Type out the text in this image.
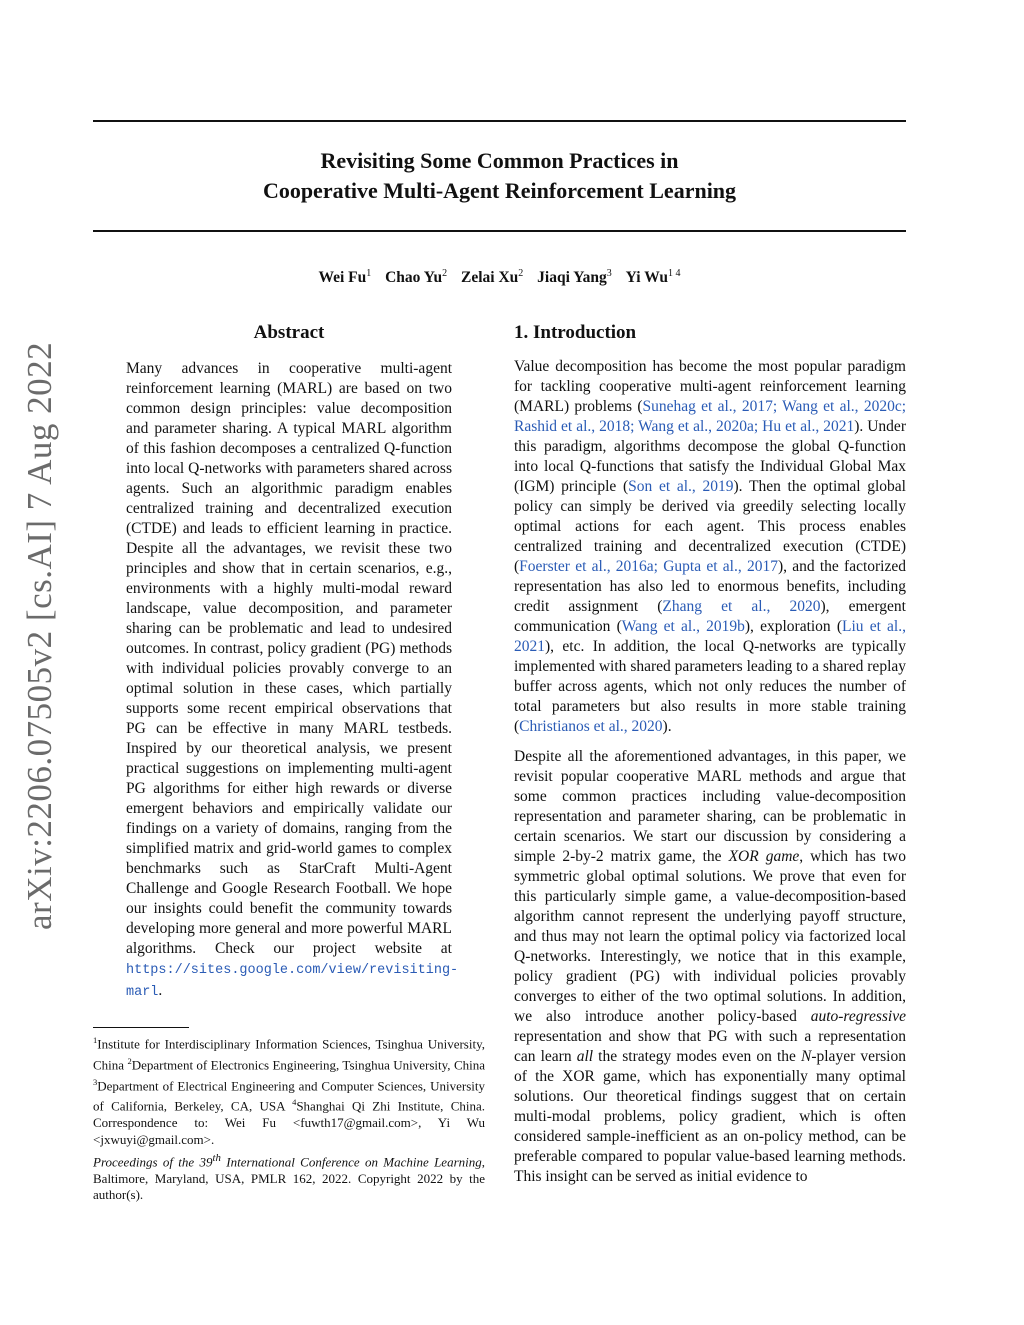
arXiv:2206.07505v2 [cs.AI] 7 Aug 2022
Revisiting Some Common Practices in
Cooperative Multi-Agent Reinforcement Learning
Wei Fu$^1$ Chao Yu$^2$ Zelai Xu$^2$ Jiaqi Yang$^3$ Yi $Wu^{1 4}$
Abstract
Many advances in cooperative multi-agent reinforcement learning (MARL) are based on two common design principles: value decomposition and parameter sharing. A typical MARL algorithm of this fashion decomposes a centralized Q-function into local Q-networks with parameters shared across agents. Such an algorithmic paradigm enables centralized training and decentralized execution (CTDE) and leads to efficient learning in practice. Despite all the advantages, we revisit these two principles and show that in certain scenarios, e.g., environments with a highly multi-modal reward landscape, value decomposition, and parameter sharing can be problematic and lead to undesired outcomes. In contrast, policy gradient (PG) methods with individual policies provably converge to an optimal solution in these cases, which partially supports some recent empirical observations that PG can be effective in many MARL testbeds. Inspired by our theoretical analysis, we present practical suggestions on implementing multi-agent PG algorithms for either high rewards or diverse emergent behaviors and empirically validate our findings on a variety of domains, ranging from the simplified matrix and grid-world games to complex benchmarks such as StarCraft Multi-Agent Challenge and Google Research Football. We hope our insights could benefit the community towards developing more general and more powerful MARL algorithms. Check our project website at https://sites.google.com/view/revisiting-marl.
$^1$Institute for Interdisciplinary Information Sciences, Tsinghua University, China $^2$Department of Electronics Engineering, Tsinghua University, China $^3$Department of Electrical Engineering and Computer Sciences, University of California, Berkeley, CA, USA $^4$Shanghai Qi Zhi Institute, China. Correspondence to: Wei Fu <fuwth17@gmail.com>, Yi Wu <jxwuyi@gmail.com>.
Proceedings of the 39th International Conference on Machine Learning, Baltimore, Maryland, USA, PMLR 162, 2022. Copyright 2022 by the author(s).
1. Introduction

Value decomposition has become the most popular paradigm for tackling cooperative multi-agent reinforcement learning (MARL) problems (Sunehag et al., 2017; Wang et al., 2020c; Rashid et al., 2018; Wang et al., 2020a; Hu et al., 2021). Under this paradigm, algorithms decompose the global Q-function into local Q-functions that satisfy the Individual Global Max (IGM) principle (Son et al., 2019). Then the optimal global policy can simply be derived via greedily selecting locally optimal actions for each agent. This process enables centralized training and decentralized execution (CTDE) (Foerster et al., 2016a; Gupta et al., 2017), and the factorized representation has also led to enormous benefits, including credit assignment (Zhang et al., 2020), emergent communication (Wang et al., 2019b), exploration (Liu et al., 2021), etc. In addition, the local Q-networks are typically implemented with shared parameters leading to a shared replay buffer across agents, which not only reduces the number of total parameters but also results in more stable training (Christianos et al., 2020).

Despite all the aforementioned advantages, in this paper, we revisit popular cooperative MARL methods and argue that some common practices including value-decomposition representation and parameter sharing, can be problematic in certain scenarios. We start our discussion by considering a simple 2-by-2 matrix game, the XOR game, which has two symmetric global optimal solutions. We prove that even for this particularly simple game, a value-decomposition-based algorithm cannot represent the underlying payoff structure, and thus may not learn the optimal policy via factorized local Q-networks. Interestingly, we notice that in this example, policy gradient (PG) with individual policies provably converges to either of the two optimal solutions. In addition, we also introduce another policy-based auto-regressive representation and show that PG with such a representation can learn all the strategy modes even on the N-player version of the XOR game, which has exponentially many optimal solutions. Our theoretical findings suggest that on certain multi-modal problems, policy gradient, which is often considered sample-inefficient as an on-policy method, can be preferable compared to popular value-based learning methods. This insight can be served as initial evidence to
